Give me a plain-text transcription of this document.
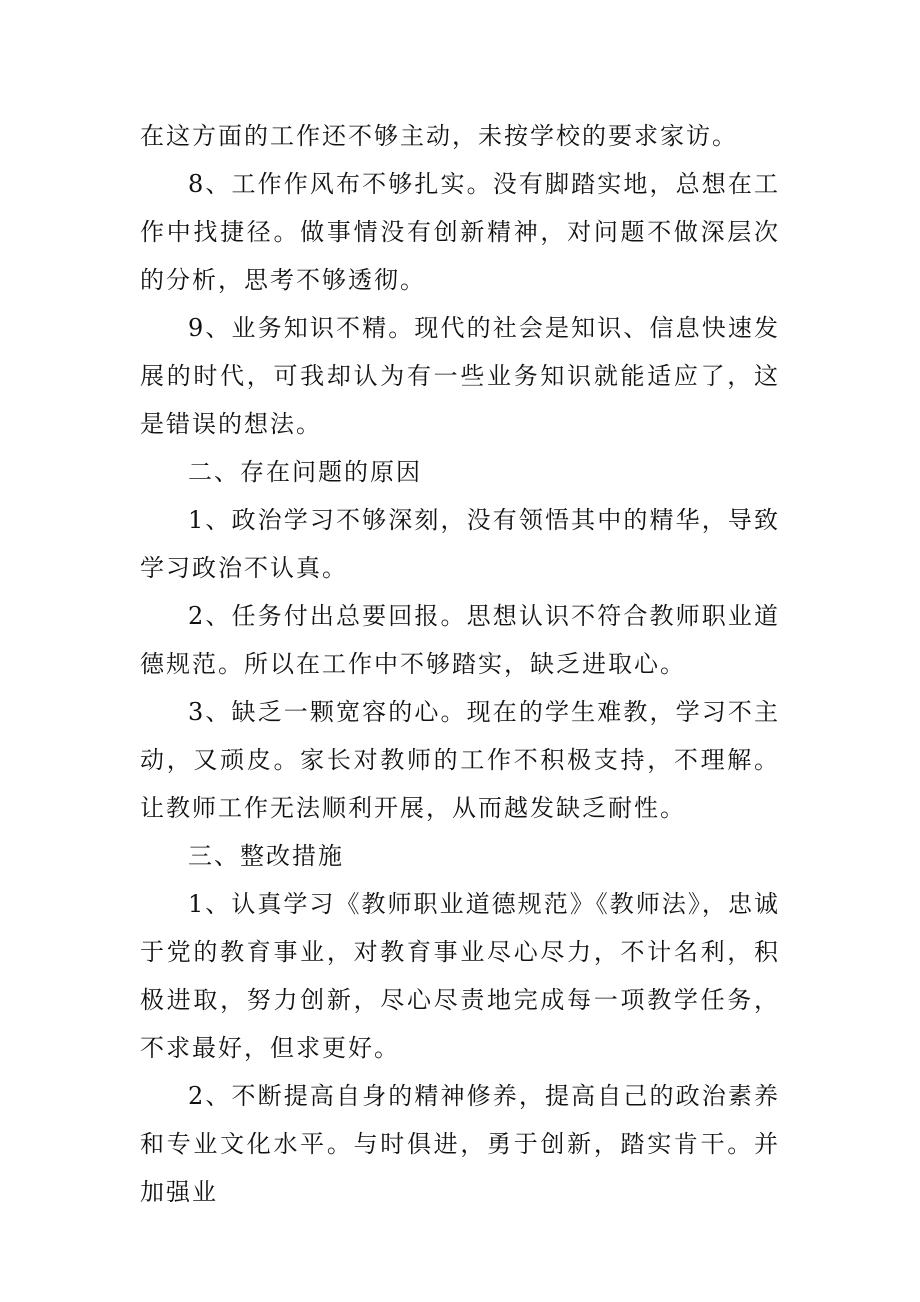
在这方面的工作还不够主动，未按学校的要求家访。

8、工作作风布不够扎实。没有脚踏实地，总想在工作中找捷径。做事情没有创新精神，对问题不做深层次的分析，思考不够透彻。

9、业务知识不精。现代的社会是知识、信息快速发展的时代，可我却认为有一些业务知识就能适应了，这是错误的想法。

二、存在问题的原因

1、政治学习不够深刻，没有领悟其中的精华，导致学习政治不认真。

2、任务付出总要回报。思想认识不符合教师职业道德规范。所以在工作中不够踏实，缺乏进取心。

3、缺乏一颗宽容的心。现在的学生难教，学习不主动，又顽皮。家长对教师的工作不积极支持，不理解。让教师工作无法顺利开展，从而越发缺乏耐性。

三、整改措施

1、认真学习《教师职业道德规范》《教师法》，忠诚于党的教育事业，对教育事业尽心尽力，不计名利，积极进取，努力创新，尽心尽责地完成每一项教学任务，不求最好，但求更好。

2、不断提高自身的精神修养，提高自己的政治素养和专业文化水平。与时俱进，勇于创新，踏实肯干。并加强业
